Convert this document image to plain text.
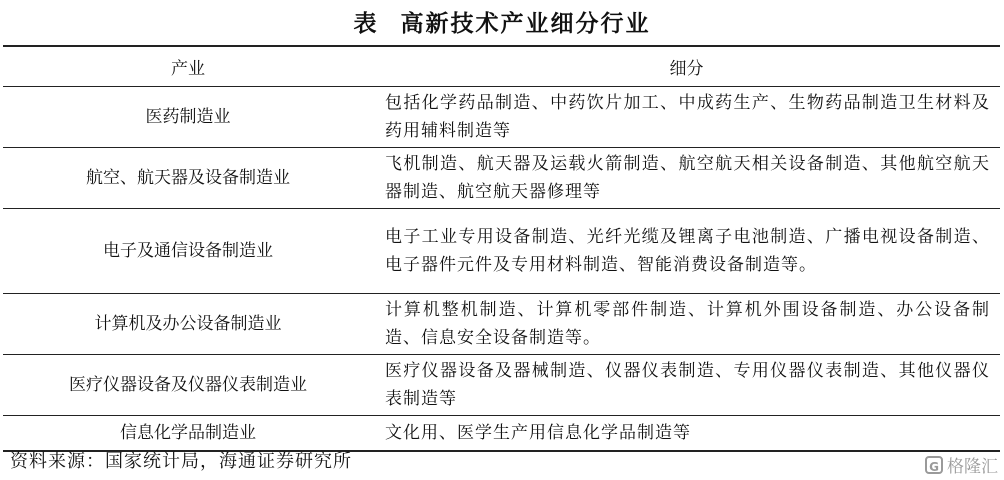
表 高新技术产业细分行业
产业	细分
医药制造业	包括化学药品制造、中药饮片加工、中成药生产、生物药品制造卫生材料及药用辅料制造等
航空、航天器及设备制造业	飞机制造、航天器及运载火箭制造、航空航天相关设备制造、其他航空航天器制造、航空航天器修理等
电子及通信设备制造业	电子工业专用设备制造、光纤光缆及锂离子电池制造、广播电视设备制造、电子器件元件及专用材料制造、智能消费设备制造等。
计算机及办公设备制造业	计算机整机制造、计算机零部件制造、计算机外围设备制造、办公设备制造、信息安全设备制造等。
医疗仪器设备及仪器仪表制造业	医疗仪器设备及器械制造、仪器仪表制造、专用仪器仪表制造、其他仪器仪表制造等
信息化学品制造业	文化用、医学生产用信息化学品制造等
资料来源：国家统计局，海通证券研究所	G 格隆汇
